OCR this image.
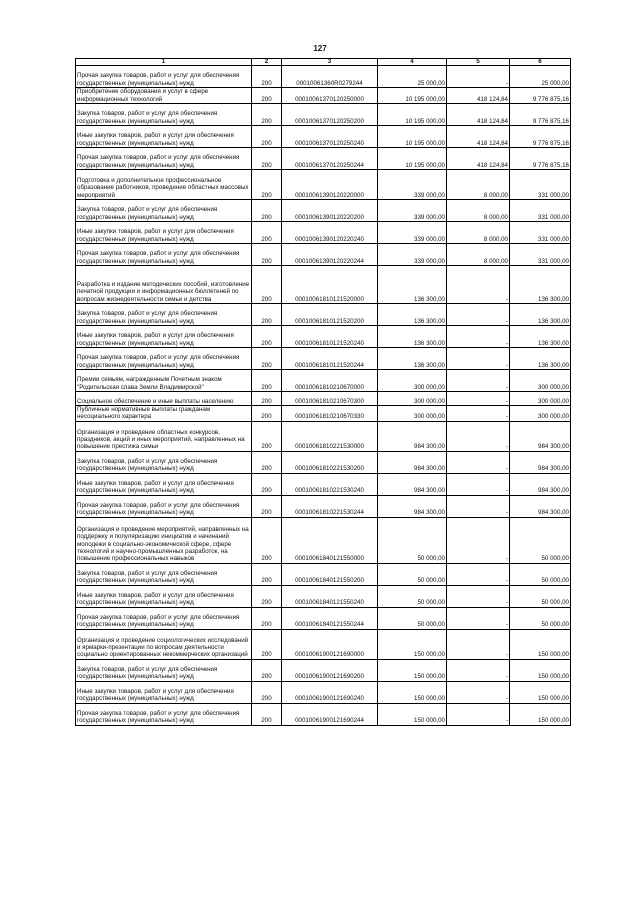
127
1	2	3	4	5	6
Прочая закупка товаров, работ и услуг для обеспечения государственных (муниципальных) нужд	200	00010061360R0279244	25 000,00	-	25 000,00
Приобретение оборудования и услуг в сфере информационных технологий	200	00010061370120250000	10 195 000,00	418 124,84	9 776 875,16
Закупка товаров, работ и услуг для обеспечения государственных (муниципальных) нужд	200	00010061370120250200	10 195 000,00	418 124,84	9 776 875,16
Иные закупки товаров, работ и услуг для обеспечения государственных (муниципальных) нужд	200	00010061370120250240	10 195 000,00	418 124,84	9 776 875,16
Прочая закупка товаров, работ и услуг для обеспечения государственных (муниципальных) нужд	200	00010061370120250244	10 195 000,00	418 124,84	9 776 875,16
Подготовка и дополнительное профессиональное образование работников, проведение областных массовых мероприятий	200	00010061390120220000	339 000,00	8 000,00	331 000,00
Закупка товаров, работ и услуг для обеспечения государственных (муниципальных) нужд	200	00010061390120220200	339 000,00	8 000,00	331 000,00
Иные закупки товаров, работ и услуг для обеспечения государственных (муниципальных) нужд	200	00010061390120220240	339 000,00	8 000,00	331 000,00
Прочая закупка товаров, работ и услуг для обеспечения государственных (муниципальных) нужд	200	00010061390120220244	339 000,00	8 000,00	331 000,00
Разработка и издание методических пособий, изготовление печатной продукции и информационных бюллетеней по вопросам жизнедеятельности семьи и детства	200	00010061810121520000	136 300,00	-	136 300,00
Закупка товаров, работ и услуг для обеспечения государственных (муниципальных) нужд	200	00010061810121520200	136 300,00	-	136 300,00
Иные закупки товаров, работ и услуг для обеспечения государственных (муниципальных) нужд	200	00010061810121520240	136 300,00	-	136 300,00
Прочая закупка товаров, работ и услуг для обеспечения государственных (муниципальных) нужд	200	00010061810121520244	136 300,00	-	136 300,00
Премии семьям, награжденным Почетным знаком "Родительская слава Земли Владимирской"	200	00010061810210670000	300 000,00	-	300 000,00
Социальное обеспечение и иные выплаты населению	200	00010061810210670300	300 000,00	-	300 000,00
Публичные нормативные выплаты гражданам несоциального характера	200	00010061810210670330	300 000,00	-	300 000,00
Организация и проведение областных конкурсов, праздников, акций и иных мероприятий, направленных на повышение престижа семьи	200	00010061810221530000	984 300,00	-	984 300,00
Закупка товаров, работ и услуг для обеспечения государственных (муниципальных) нужд	200	00010061810221530200	984 300,00	-	984 300,00
Иные закупки товаров, работ и услуг для обеспечения государственных (муниципальных) нужд	200	00010061810221530240	984 300,00	-	984 300,00
Прочая закупка товаров, работ и услуг для обеспечения государственных (муниципальных) нужд	200	00010061810221530244	984 300,00	-	984 300,00
Организация и проведение мероприятий, направленных на поддержку и популяризацию инициатив и начинаний молодежи в социально-экономической сфере, сфере технологий и научно-промышленных разработок, на повышение профессиональных навыков	200	00010061840121550000	50 000,00	-	50 000,00
Закупка товаров, работ и услуг для обеспечения государственных (муниципальных) нужд	200	00010061840121550200	50 000,00	-	50 000,00
Иные закупки товаров, работ и услуг для обеспечения государственных (муниципальных) нужд	200	00010061840121550240	50 000,00	-	50 000,00
Прочая закупка товаров, работ и услуг для обеспечения государственных (муниципальных) нужд	200	00010061840121550244	50 000,00	-	50 000,00
Организация и проведение социологических исследований и ярмарки-презентации по вопросам деятельности социально ориентированных некоммерческих организаций	200	00010061900121690000	150 000,00	-	150 000,00
Закупка товаров, работ и услуг для обеспечения государственных (муниципальных) нужд	200	00010061900121690200	150 000,00	-	150 000,00
Иные закупки товаров, работ и услуг для обеспечения государственных (муниципальных) нужд	200	00010061900121690240	150 000,00	-	150 000,00
Прочая закупка товаров, работ и услуг для обеспечения государственных (муниципальных) нужд	200	00010061900121690244	150 000,00	-	150 000,00
